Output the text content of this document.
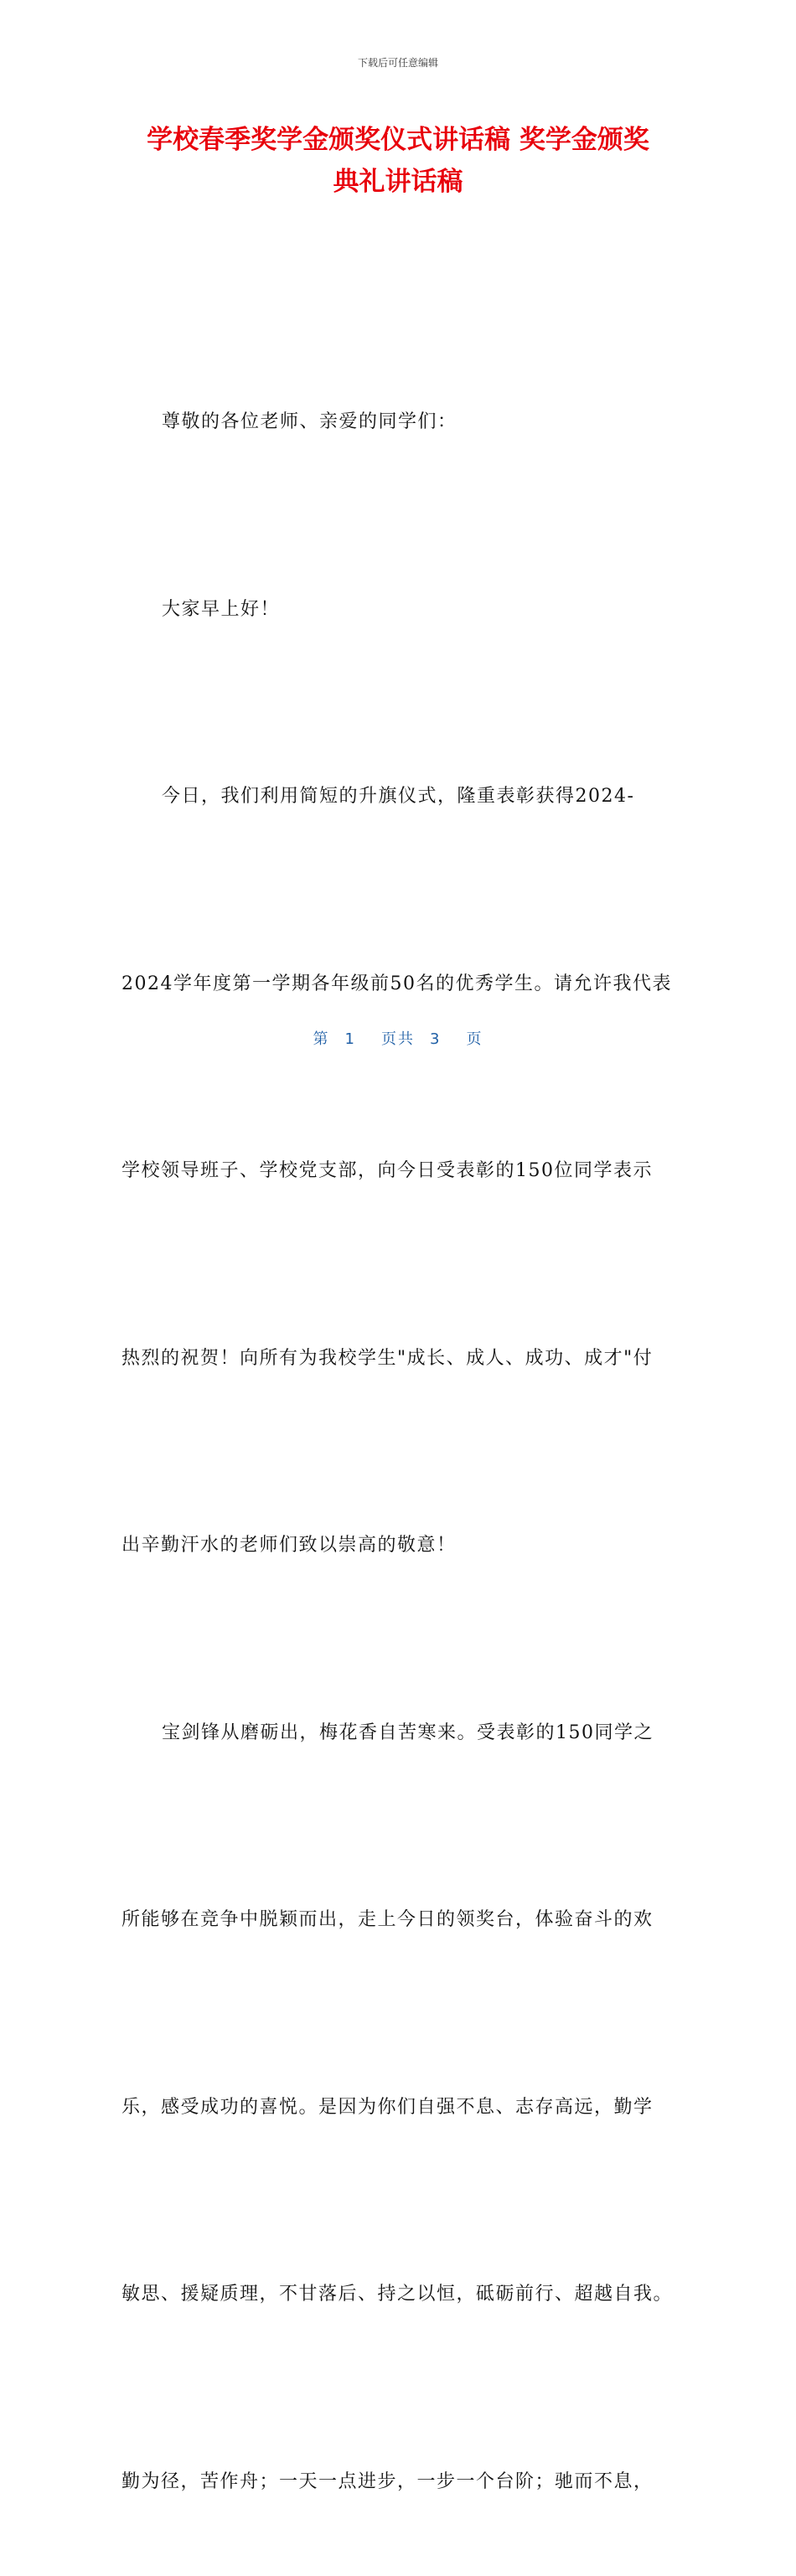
下载后可任意编辑
学校春季奖学金颁奖仪式讲话稿 奖学金颁奖
典礼讲话稿

尊敬的各位老师、亲爱的同学们：

大家早上好！

今日，我们利用简短的升旗仪式，隆重表彰获得2024-

2024学年度第一学期各年级前50名的优秀学生。请允许我代表

学校领导班子、学校党支部，向今日受表彰的150位同学表示

热烈的祝贺！向所有为我校学生"成长、成人、成功、成才"付

出辛勤汗水的老师们致以崇高的敬意！

宝剑锋从磨砺出，梅花香自苦寒来。受表彰的150同学之

所能够在竞争中脱颖而出，走上今日的领奖台，体验奋斗的欢

乐，感受成功的喜悦。是因为你们自强不息、志存高远，勤学

敏思、援疑质理，不甘落后、持之以恒，砥砺前行、超越自我。

勤为径，苦作舟；一天一点进步，一步一个台阶；驰而不息，

第 1 页共 3 页
